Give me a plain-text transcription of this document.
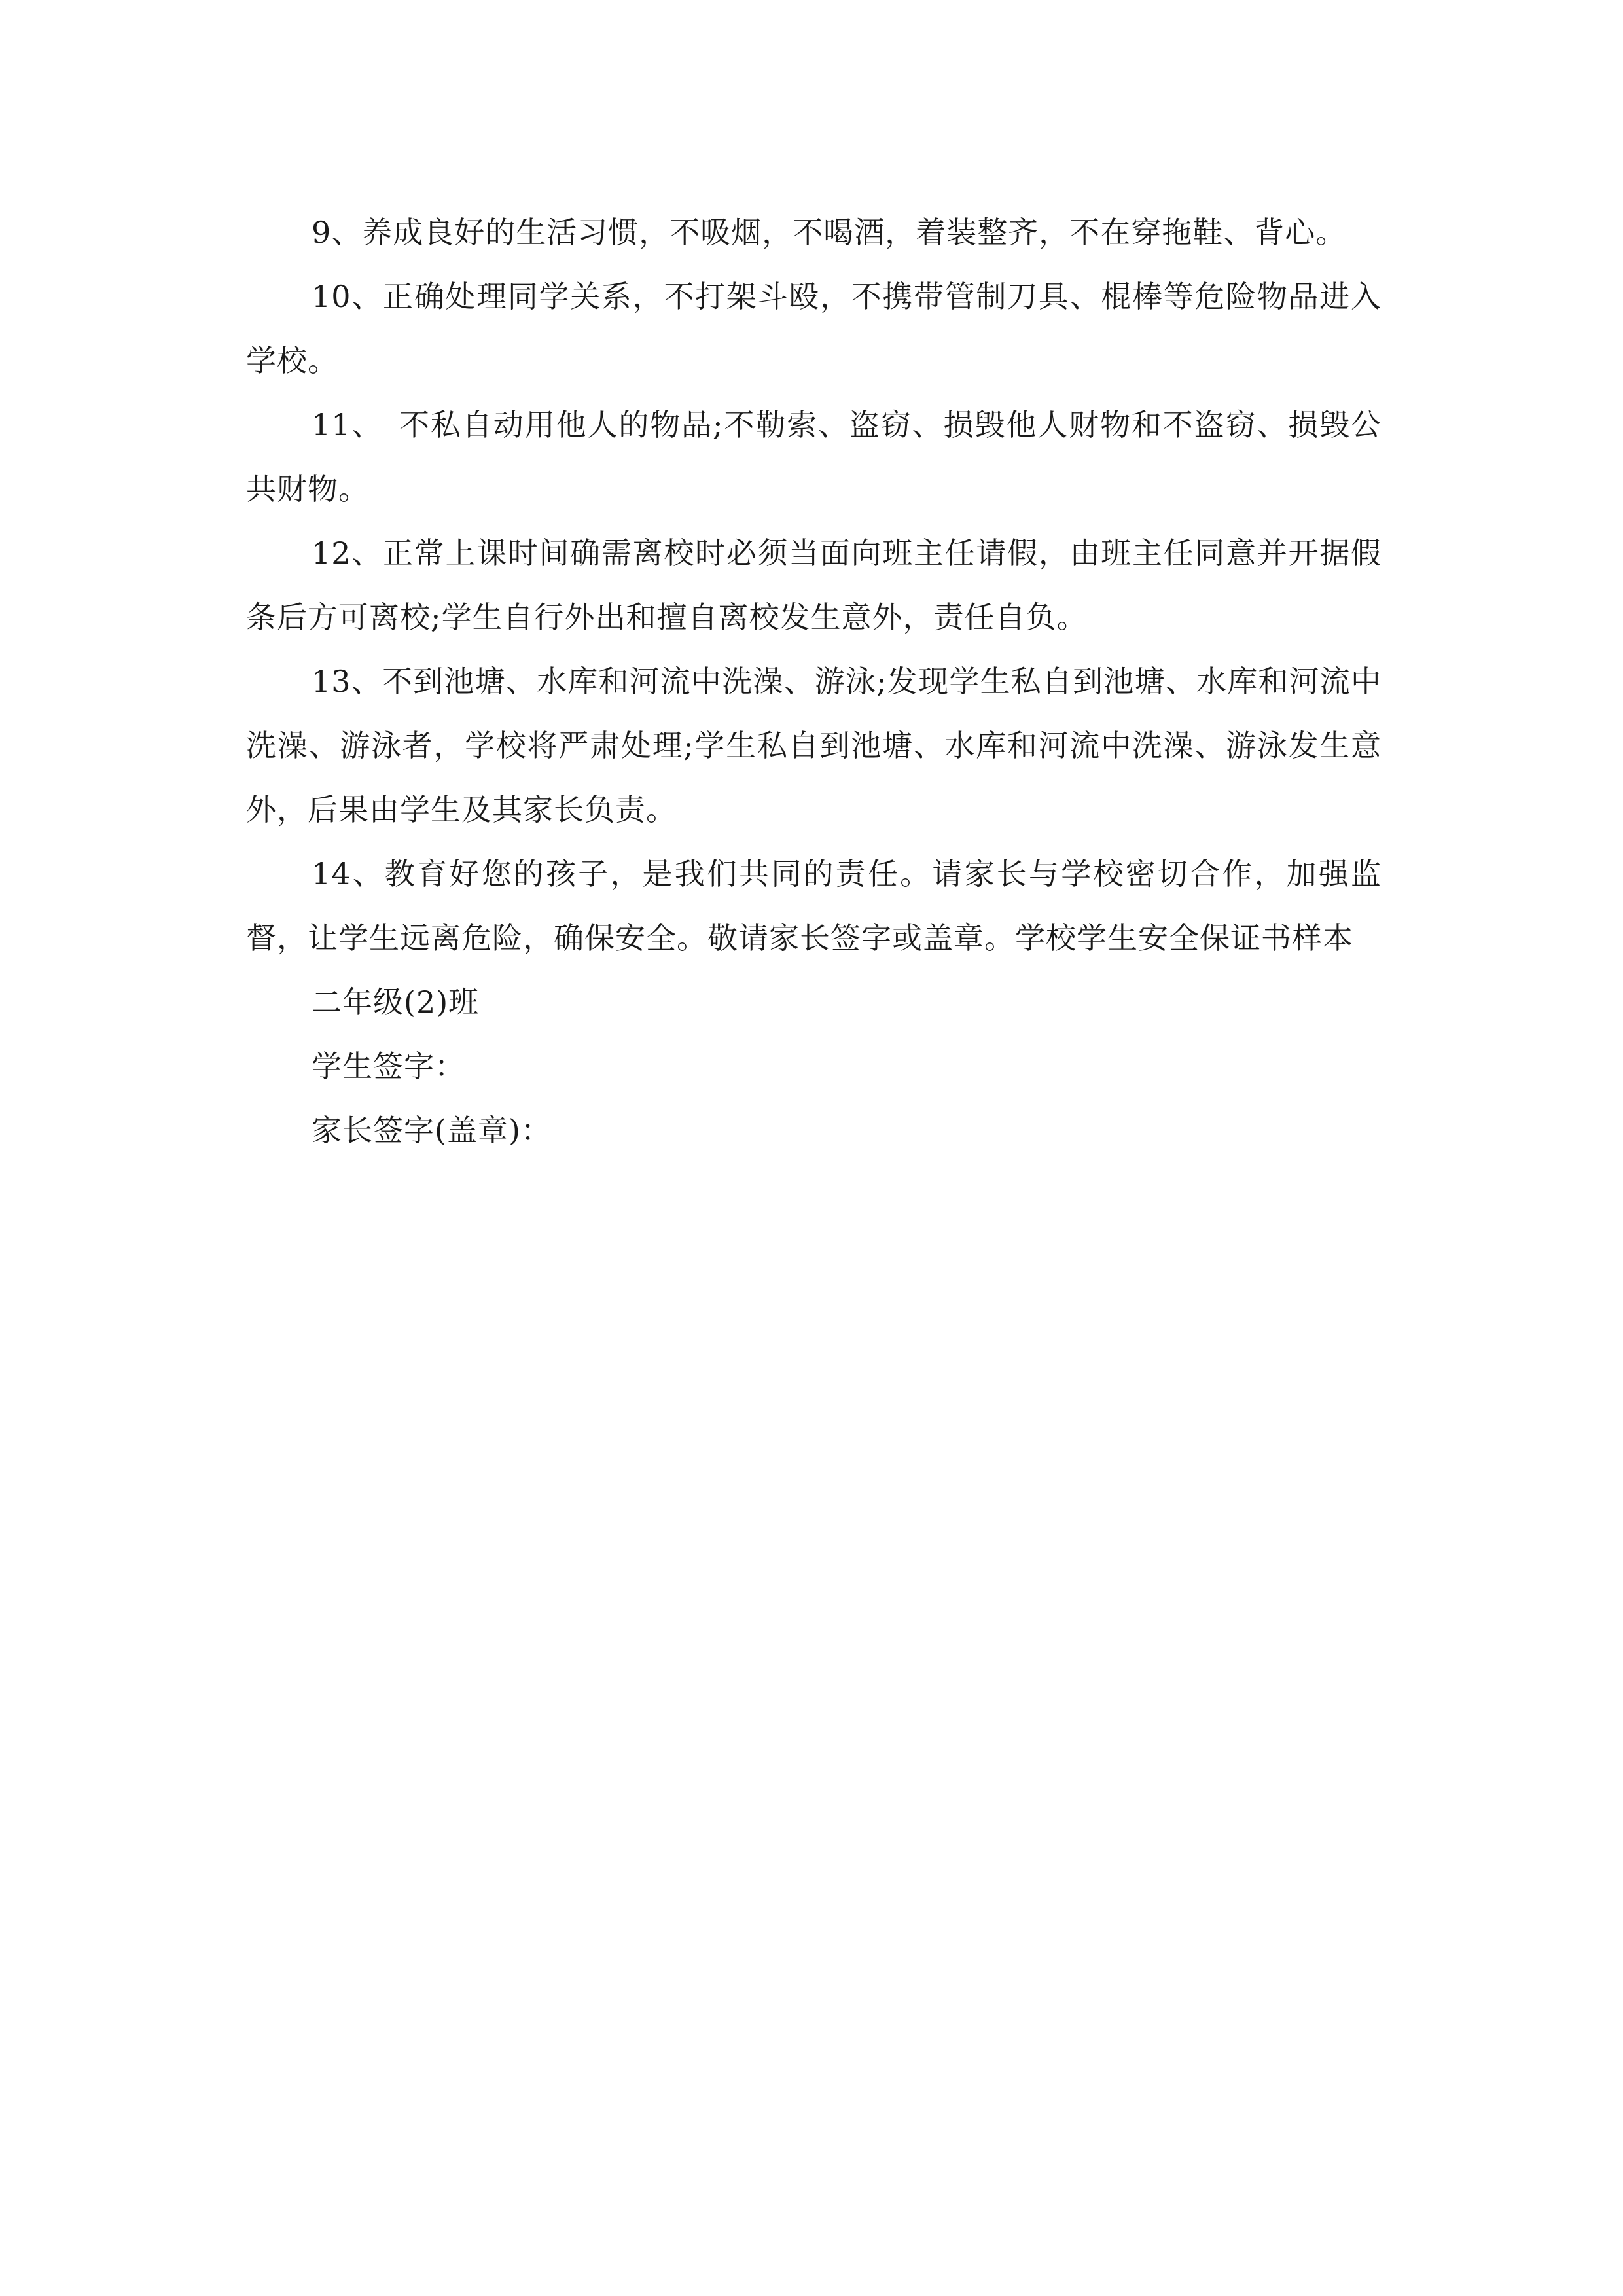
9、养成良好的生活习惯，不吸烟，不喝酒，着装整齐，不在穿拖鞋、背心。

10、正确处理同学关系，不打架斗殴，不携带管制刀具、棍棒等危险物品进入学校。

11、　不私自动用他人的物品;不勒索、盗窃、损毁他人财物和不盗窃、损毁公共财物。

12、正常上课时间确需离校时必须当面向班主任请假，由班主任同意并开据假条后方可离校;学生自行外出和擅自离校发生意外，责任自负。

13、不到池塘、水库和河流中洗澡、游泳;发现学生私自到池塘、水库和河流中洗澡、游泳者，学校将严肃处理;学生私自到池塘、水库和河流中洗澡、游泳发生意外，后果由学生及其家长负责。

14、教育好您的孩子，是我们共同的责任。请家长与学校密切合作，加强监督，让学生远离危险，确保安全。敬请家长签字或盖章。学校学生安全保证书样本

二年级(2)班

学生签字：

家长签字(盖章)：
